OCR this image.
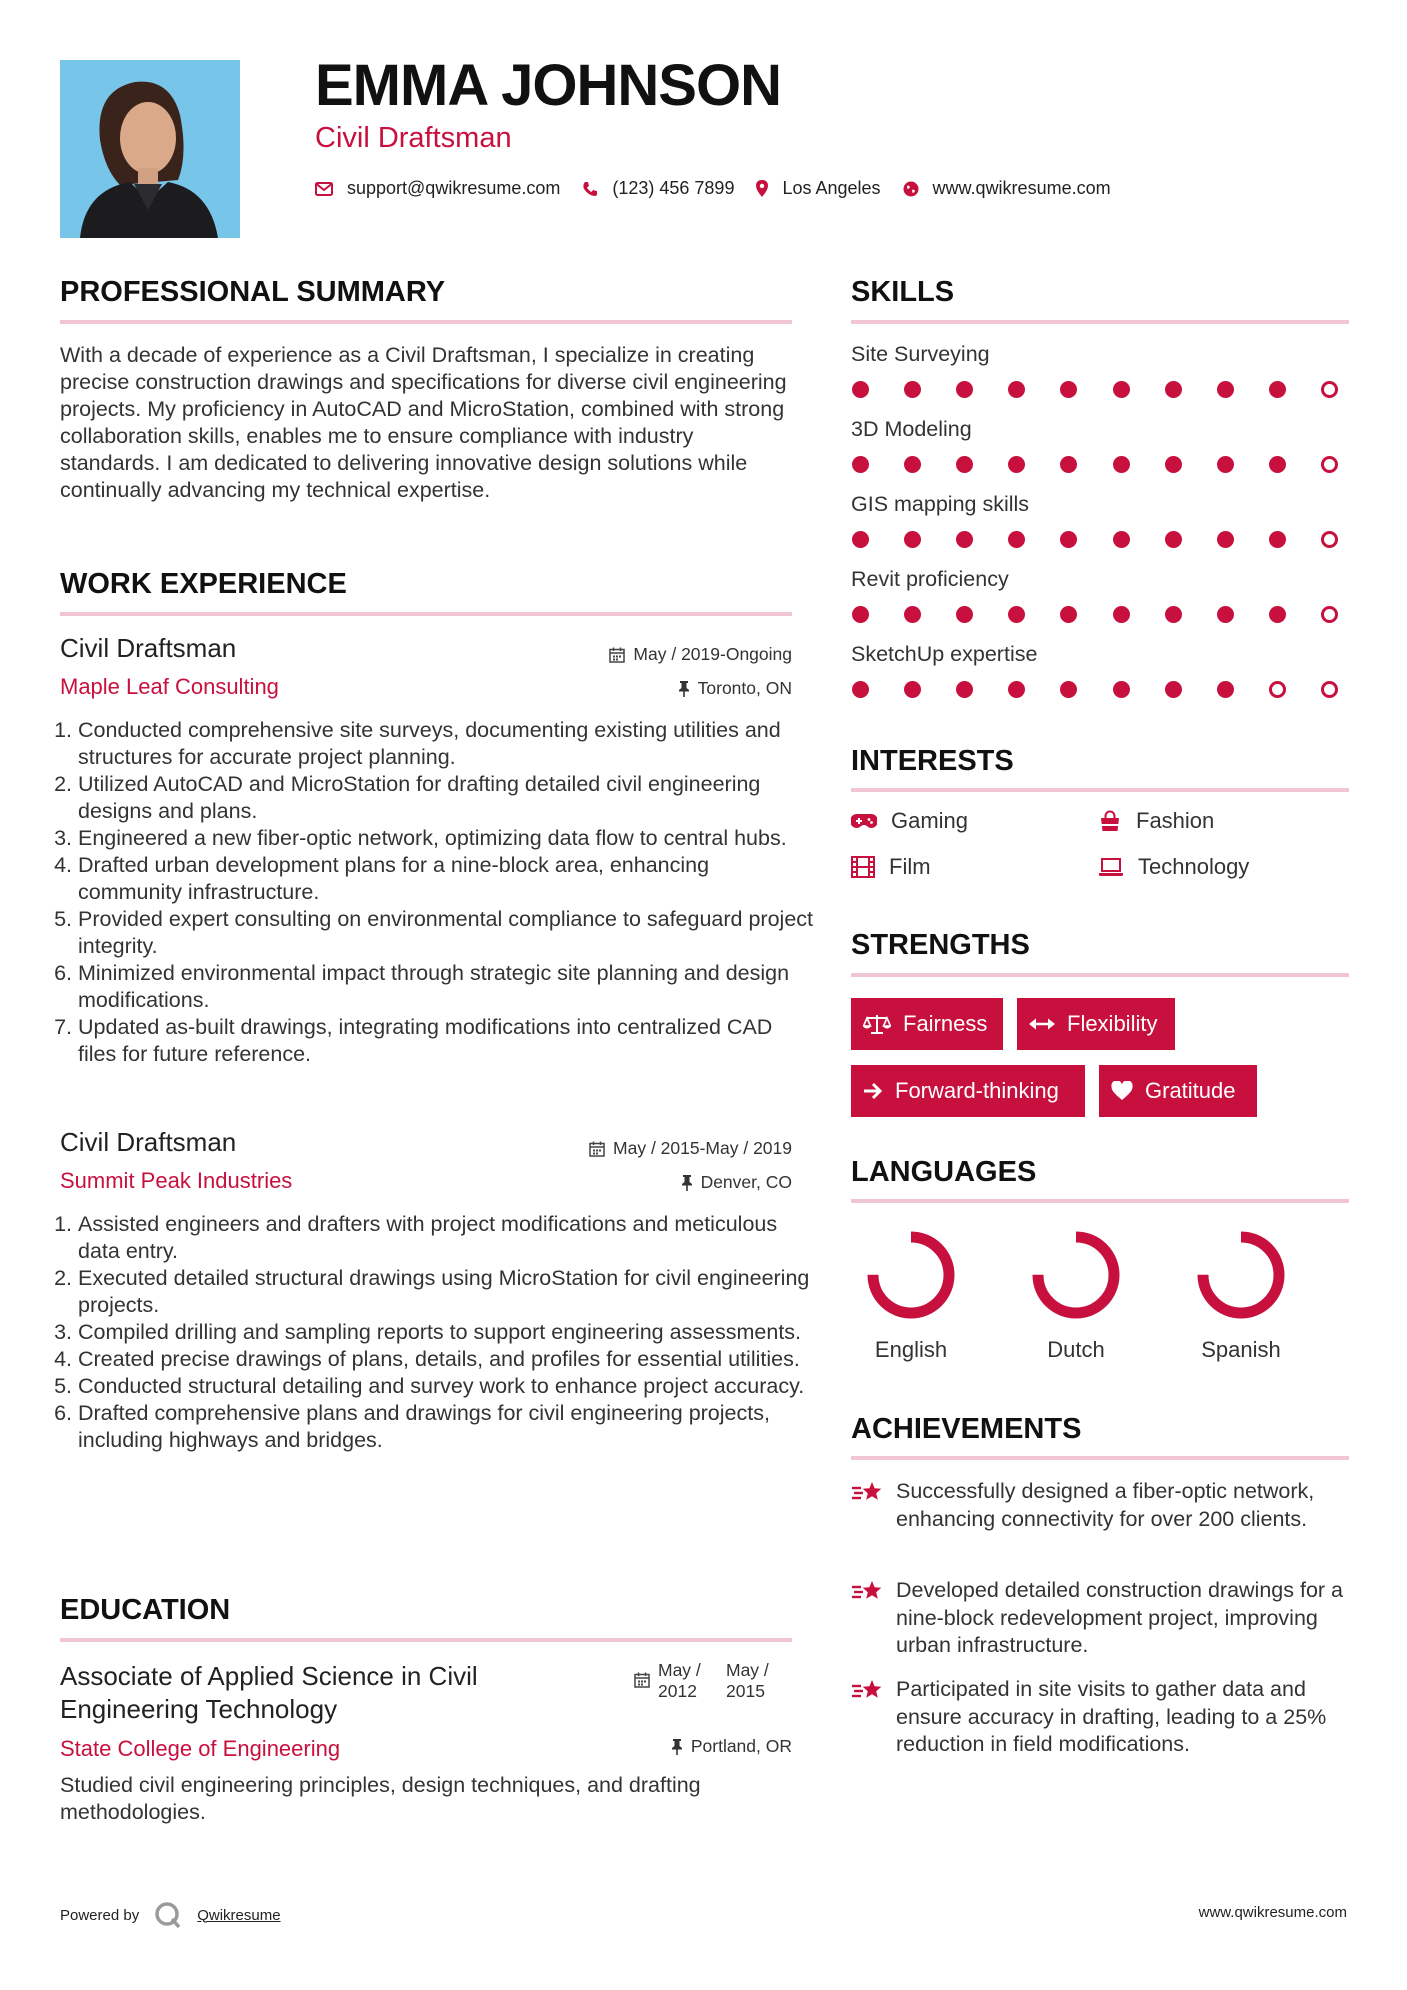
EMMA JOHNSON
Civil Draftsman
support@qwikresume.com	(123) 456 7899	Los Angeles	www.qwikresume.com
PROFESSIONAL SUMMARY

With a decade of experience as a Civil Draftsman, I specialize in creating precise construction drawings and specifications for diverse civil engineering projects. My proficiency in AutoCAD and MicroStation, combined with strong collaboration skills, enables me to ensure compliance with industry standards. I am dedicated to delivering innovative design solutions while continually advancing my technical expertise.

WORK EXPERIENCE
Civil Draftsman
Maple Leaf Consulting
May / 2019-Ongoing
Toronto, ON
1. Conducted comprehensive site surveys, documenting existing utilities and structures for accurate project planning.
2. Utilized AutoCAD and MicroStation for drafting detailed civil engineering designs and plans.
3. Engineered a new fiber-optic network, optimizing data flow to central hubs.
4. Drafted urban development plans for a nine-block area, enhancing community infrastructure.
5. Provided expert consulting on environmental compliance to safeguard project integrity.
6. Minimized environmental impact through strategic site planning and design modifications.
7. Updated as-built drawings, integrating modifications into centralized CAD files for future reference.
Civil Draftsman
Summit Peak Industries
May / 2015-May / 2019
Denver, CO
1. Assisted engineers and drafters with project modifications and meticulous data entry.
2. Executed detailed structural drawings using MicroStation for civil engineering projects.
3. Compiled drilling and sampling reports to support engineering assessments.
4. Created precise drawings of plans, details, and profiles for essential utilities.
5. Conducted structural detailing and survey work to enhance project accuracy.
6. Drafted comprehensive plans and drawings for civil engineering projects, including highways and bridges.
EDUCATION
Associate of Applied Science in Civil Engineering Technology
State College of Engineering
May / 2012
May / 2015
Portland, OR

Studied civil engineering principles, design techniques, and drafting methodologies.

SKILLS
Site Surveying
3D Modeling
GIS mapping skills
Revit proficiency
SketchUp expertise
INTERESTS
Gaming	Fashion
Film	Technology
STRENGTHS
Fairness	Flexibility
Forward-thinking	Gratitude
LANGUAGES
English	Dutch	Spanish
ACHIEVEMENTS
Successfully designed a fiber-optic network, enhancing connectivity for over 200 clients.
Developed detailed construction drawings for a nine-block redevelopment project, improving urban infrastructure.
Participated in site visits to gather data and ensure accuracy in drafting, leading to a 25% reduction in field modifications.
Powered by	Qwikresume	www.qwikresume.com
